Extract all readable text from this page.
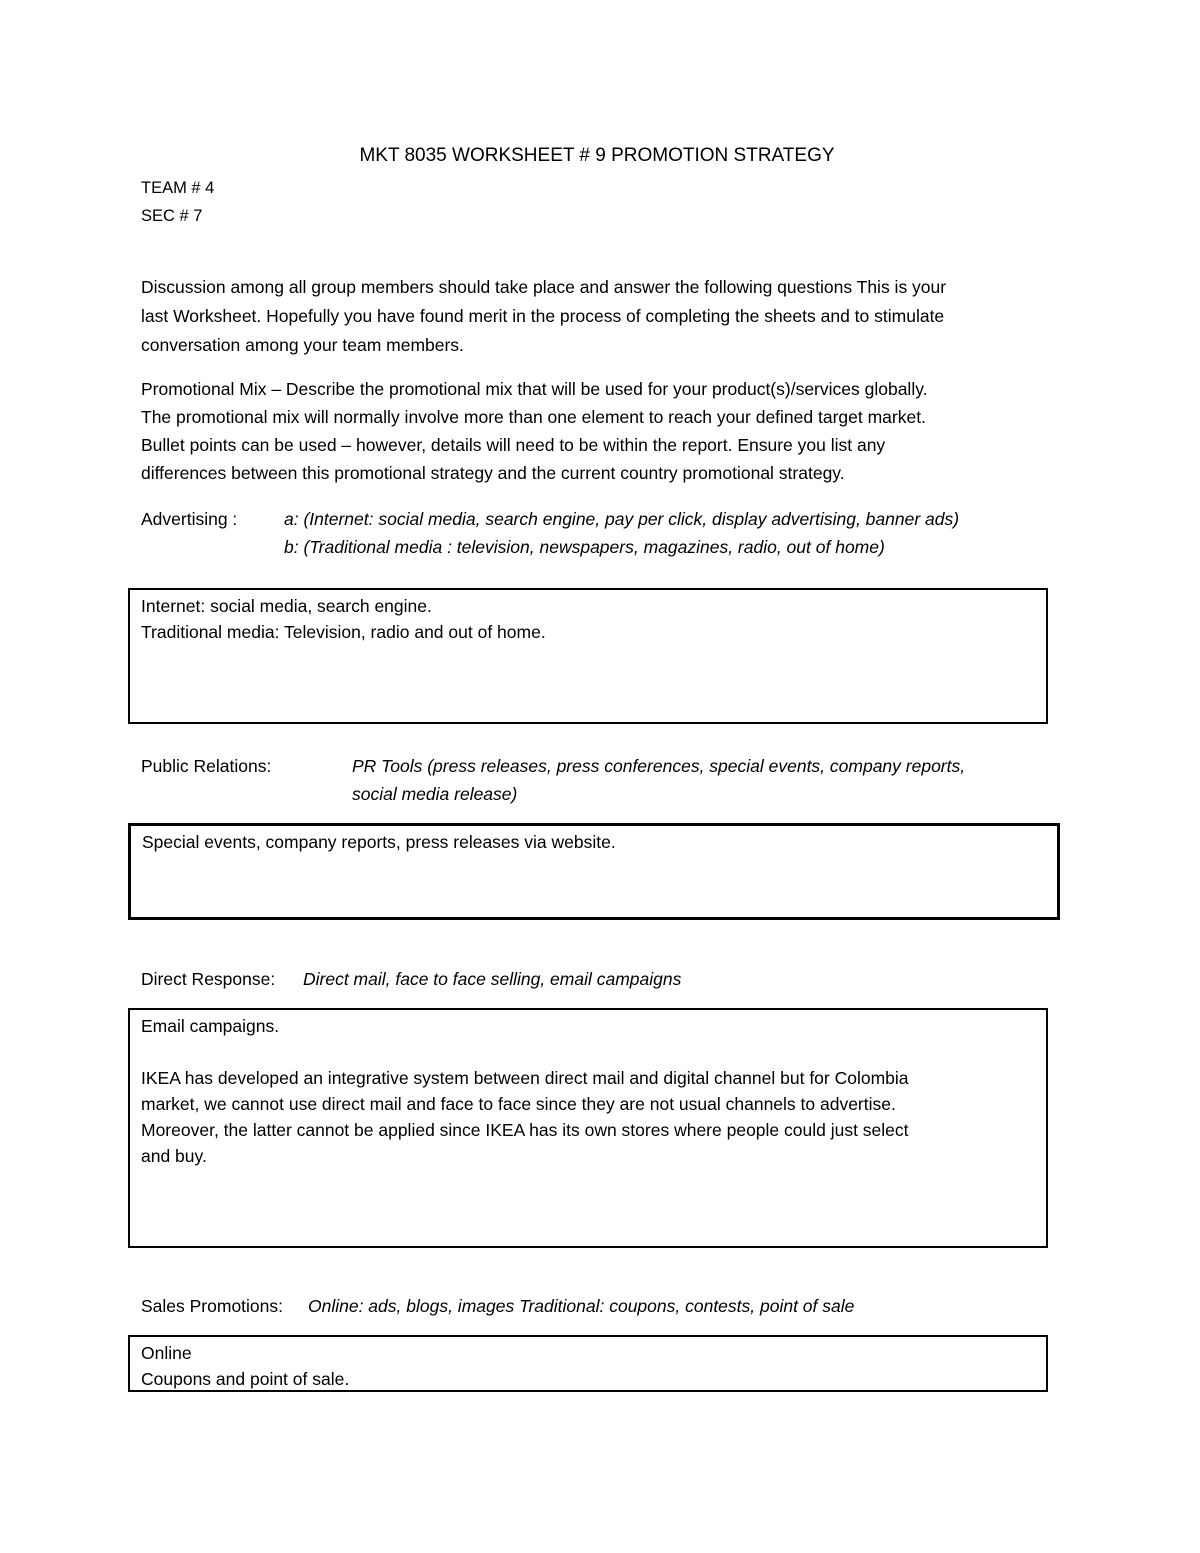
MKT 8035 WORKSHEET # 9 PROMOTION STRATEGY
TEAM # 4
SEC # 7
Discussion among all group members should take place and answer the following questions This is your
last Worksheet. Hopefully you have found merit in the process of completing the sheets and to stimulate
conversation among your team members.
Promotional Mix – Describe the promotional mix that will be used for your product(s)/services globally.
The promotional mix will normally involve more than one element to reach your defined target market.
Bullet points can be used – however, details will need to be within the report. Ensure you list any
differences between this promotional strategy and the current country promotional strategy.
Advertising :	a: (Internet: social media, search engine, pay per click, display advertising, banner ads)
b: (Traditional media : television, newspapers, magazines, radio, out of home)
Internet: social media, search engine.
Traditional media: Television, radio and out of home.
Public Relations:	PR Tools (press releases, press conferences, special events, company reports,
social media release)
Special events, company reports, press releases via website.
Direct Response: Direct mail, face to face selling, email campaigns
Email campaigns.
IKEA has developed an integrative system between direct mail and digital channel but for Colombia
market, we cannot use direct mail and face to face since they are not usual channels to advertise.
Moreover, the latter cannot be applied since IKEA has its own stores where people could just select
and buy.
Sales Promotions: Online: ads, blogs, images Traditional: coupons, contests, point of sale
Online
Coupons and point of sale.
